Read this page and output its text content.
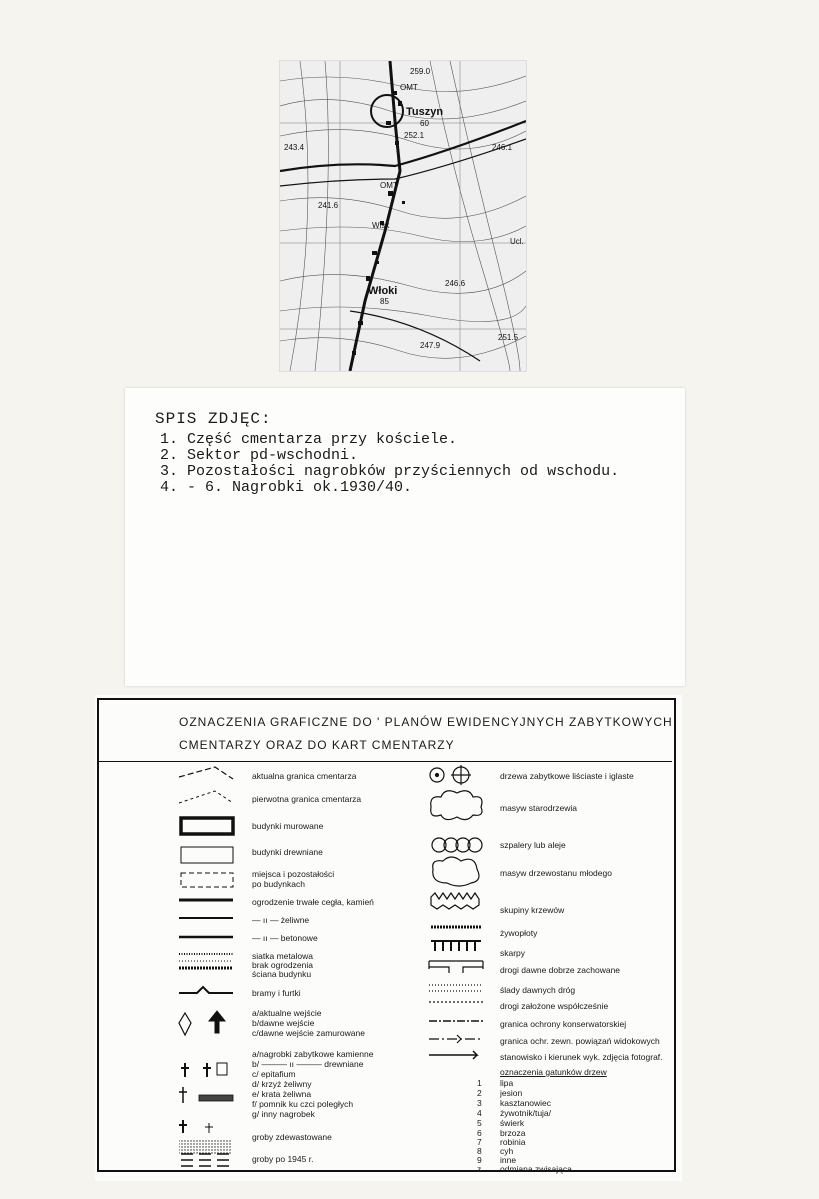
259.0
OMT
Tuszyn
60
252.1
246.1
243.4
OMT
241.6
Wisk
Włoki
85
246.6
247.9
251.5
Ucl.
SPIS ZDJĘC:
1. Część cmentarza przy kościele.
2. Sektor pd-wschodni.
3. Pozostałości nagrobków przyściennych od wschodu.
4. - 6. Nagrobki ok.1930/40.
OZNACZENIA GRAFICZNE DO ' PLANÓW EWIDENCYJNYCH ZABYTKOWYCH
CMENTARZY ORAZ DO KART CMENTARZY
aktualna granica cmentarza
pierwotna granica cmentarza
budynki murowane
budynki drewniane
miejsca i pozostałości
po budynkach
ogrodzenie trwałe cegła, kamień
— ıı — żeliwne
— ıı — betonowe
siatka metalowa
brak ogrodzenia
ściana budynku
bramy i furtki
a/aktualne wejście
b/dawne wejście
c/dawne wejście zamurowane
a/nagrobki zabytkowe kamienne
b/ ——— ıı ——— drewniane
c/ epitafium
d/ krzyż żeliwny
e/ krata żeliwna
f/ pomnik ku czci poległych
g/ inny nagrobek
groby zdewastowane
groby po 1945 r.
drzewa zabytkowe liściaste i iglaste
masyw starodrzewia
szpalery lub aleje
masyw drzewostanu młodego
skupiny krzewów
żywopłoty
skarpy
drogi dawne dobrze zachowane
ślady dawnych dróg
drogi założone współcześnie
granica ochrony konserwatorskiej
granica ochr. zewn. powiązań widokowych
stanowisko i kierunek wyk. zdjęcia fotograf.
oznaczenia gatunków drzew
1 lipa
2 jesion
3 kasztanowiec
4 żywotnik/tuja/
5 świerk
6 brzoza
7 robinia
8 cyh
9 inne
z odmiana zwisająca
